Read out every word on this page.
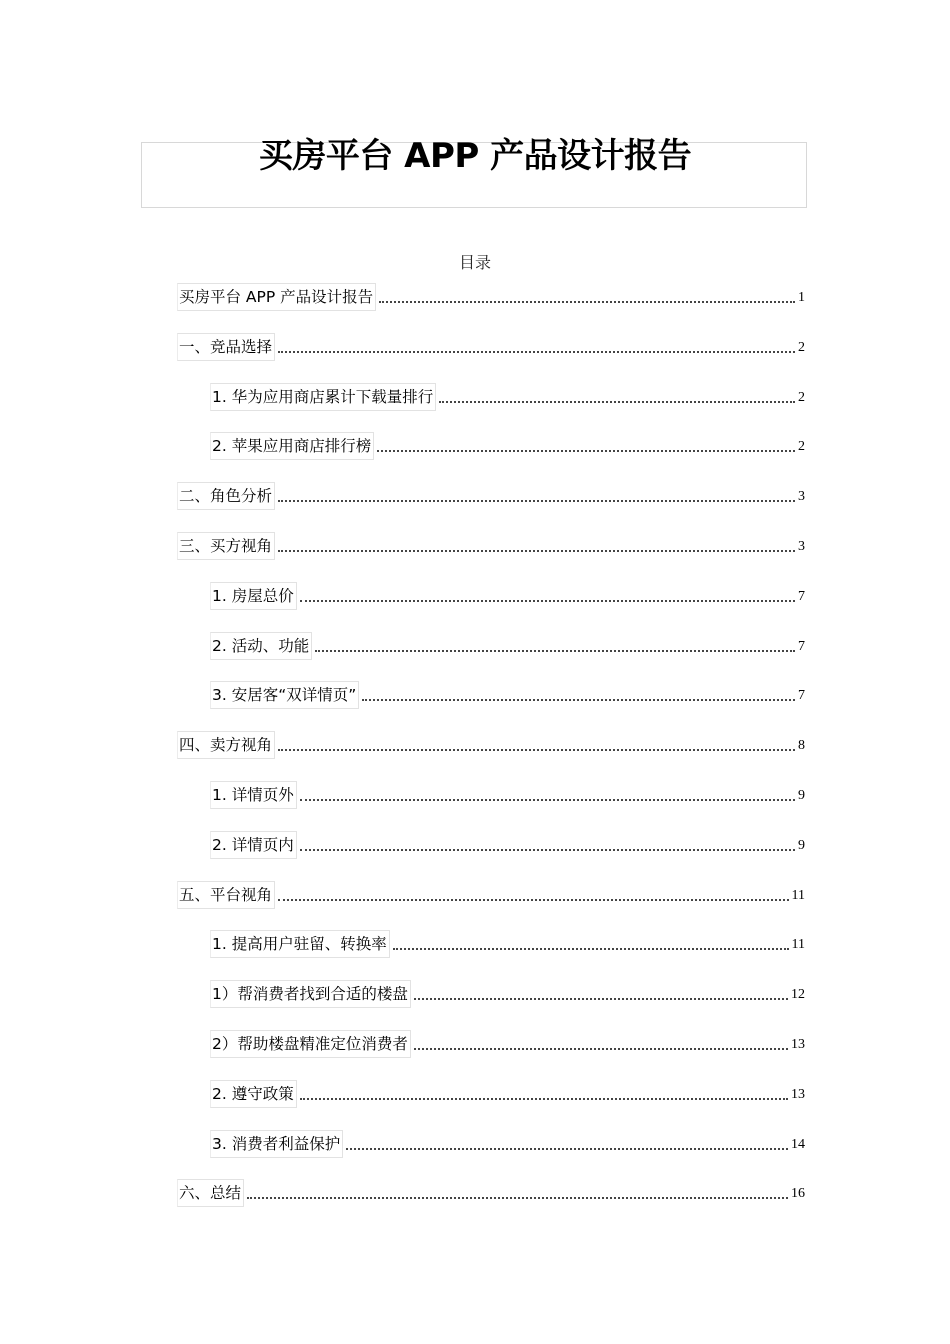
买房平台 APP 产品设计报告
目录
买房平台 APP 产品设计报告	1
一、竞品选择	2
1. 华为应用商店累计下载量排行	2
2. 苹果应用商店排行榜	2
二、角色分析	3
三、买方视角	3
1. 房屋总价	7
2. 活动、功能	7
3. 安居客“双详情页”	7
四、卖方视角	8
1. 详情页外	9
2. 详情页内	9
五、平台视角	11
1. 提高用户驻留、转换率	11
1）帮消费者找到合适的楼盘	12
2）帮助楼盘精准定位消费者	13
2. 遵守政策	13
3. 消费者利益保护	14
六、总结	16
